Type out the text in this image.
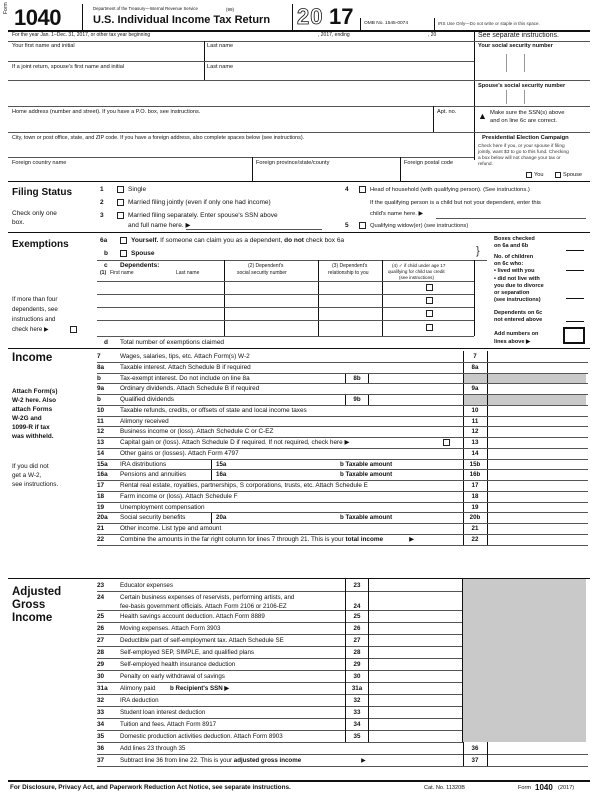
Form 1040	Department of the Treasury—Internal Revenue Service	(99)
U.S. Individual Income Tax Return 20 17 OMB No. 1545-0074	IRS Use Only—Do not write or staple in this space.
For the year Jan. 1–Dec. 31, 2017, or other tax year beginning	, 2017, ending	, 20	See separate instructions.
Your first name and initial	Last name	Your social security number
If a joint return, spouse's first name and initial	Last name
Spouse's social security number
Home address (number and street). If you have a P.O. box, see instructions.	Apt. no. ▲ Make sure the SSN(s) above
and on line 6c are correct.
City, town or post office, state, and ZIP code. If you have a foreign address, also complete spaces below (see instructions).	Presidential Election Campaign
Check here if you, or your spouse if filing
jointly, want $3 to go to this fund. Checking
a box below will not change your tax or
refund.
You	Spouse
Foreign country name	Foreign province/state/county	Foreign postal code
Filing Status
Check only one
box.
1	Single
2	Married filing jointly (even if only one had income)
3	Married filing separately. Enter spouse's SSN above
and full name here. ▶
4	Head of household (with qualifying person). (See instructions.)
If the qualifying person is a child but not your dependent, enter this
child's name here. ▶
5	Qualifying widow(er) (see instructions)
Exemptions
If more than four
dependents, see
instructions and
check here ▶
6a	Yourself. If someone can claim you as a dependent, do not check box 6a
b	Spouse	}
c Dependents:
(1) First name	Last name
(2) Dependent's
social security number
(3) Dependent's
relationship to you
(4) ✓ if child under age 17
qualifying for child tax credit
(see instructions)
d Total number of exemptions claimed
Boxes checked
on 6a and 6b
No. of children
on 6c who:
• lived with you
• did not live with
you due to divorce
or separation
(see instructions)
Dependents on 6c
not entered above
Add numbers on
lines above ▶
Income
Attach Form(s)
W-2 here. Also
attach Forms
W-2G and
1099-R if tax
was withheld.
If you did not
get a W-2,
see instructions.
7	Wages, salaries, tips, etc. Attach Form(s) W-2	7
8a	Taxable interest. Attach Schedule B if required	8a
b	Tax-exempt interest. Do not include on line 8a	8b
9a	Ordinary dividends. Attach Schedule B if required	9a
b	Qualified dividends	9b
10	Taxable refunds, credits, or offsets of state and local income taxes	10
11	Alimony received	11
12	Business income or (loss). Attach Schedule C or C-EZ	12
13	Capital gain or (loss). Attach Schedule D if required. If not required, check here ▶	13
14	Other gains or (losses). Attach Form 4797	14
15a	IRA distributions	15a	b Taxable amount	15b
16a	Pensions and annuities	16a	b Taxable amount	16b
17	Rental real estate, royalties, partnerships, S corporations, trusts, etc. Attach Schedule E	17
18	Farm income or (loss). Attach Schedule F	18
19	Unemployment compensation	19
20a	Social security benefits	20a	b Taxable amount	20b
21	Other income. List type and amount	21
22	Combine the amounts in the far right column for lines 7 through 21. This is your total income	▶	22
Adjusted
Gross
Income
23	Educator expenses	23
24	Certain business expenses of reservists, performing artists, and
fee-basis government officials. Attach Form 2106 or 2106-EZ	24
25	Health savings account deduction. Attach Form 8889	25
26	Moving expenses. Attach Form 3903	26
27	Deductible part of self-employment tax. Attach Schedule SE	27
28	Self-employed SEP, SIMPLE, and qualified plans	28
29	Self-employed health insurance deduction	29
30	Penalty on early withdrawal of savings	30
31a	Alimony paid b Recipient's SSN ▶	31a
32	IRA deduction	32
33	Student loan interest deduction	33
34	Tuition and fees. Attach Form 8917	34
35	Domestic production activities deduction. Attach Form 8903	35
36	Add lines 23 through 35	36
37	Subtract line 36 from line 22. This is your adjusted gross income	▶	37
For Disclosure, Privacy Act, and Paperwork Reduction Act Notice, see separate instructions.	Cat. No. 11320B	Form 1040 (2017)
